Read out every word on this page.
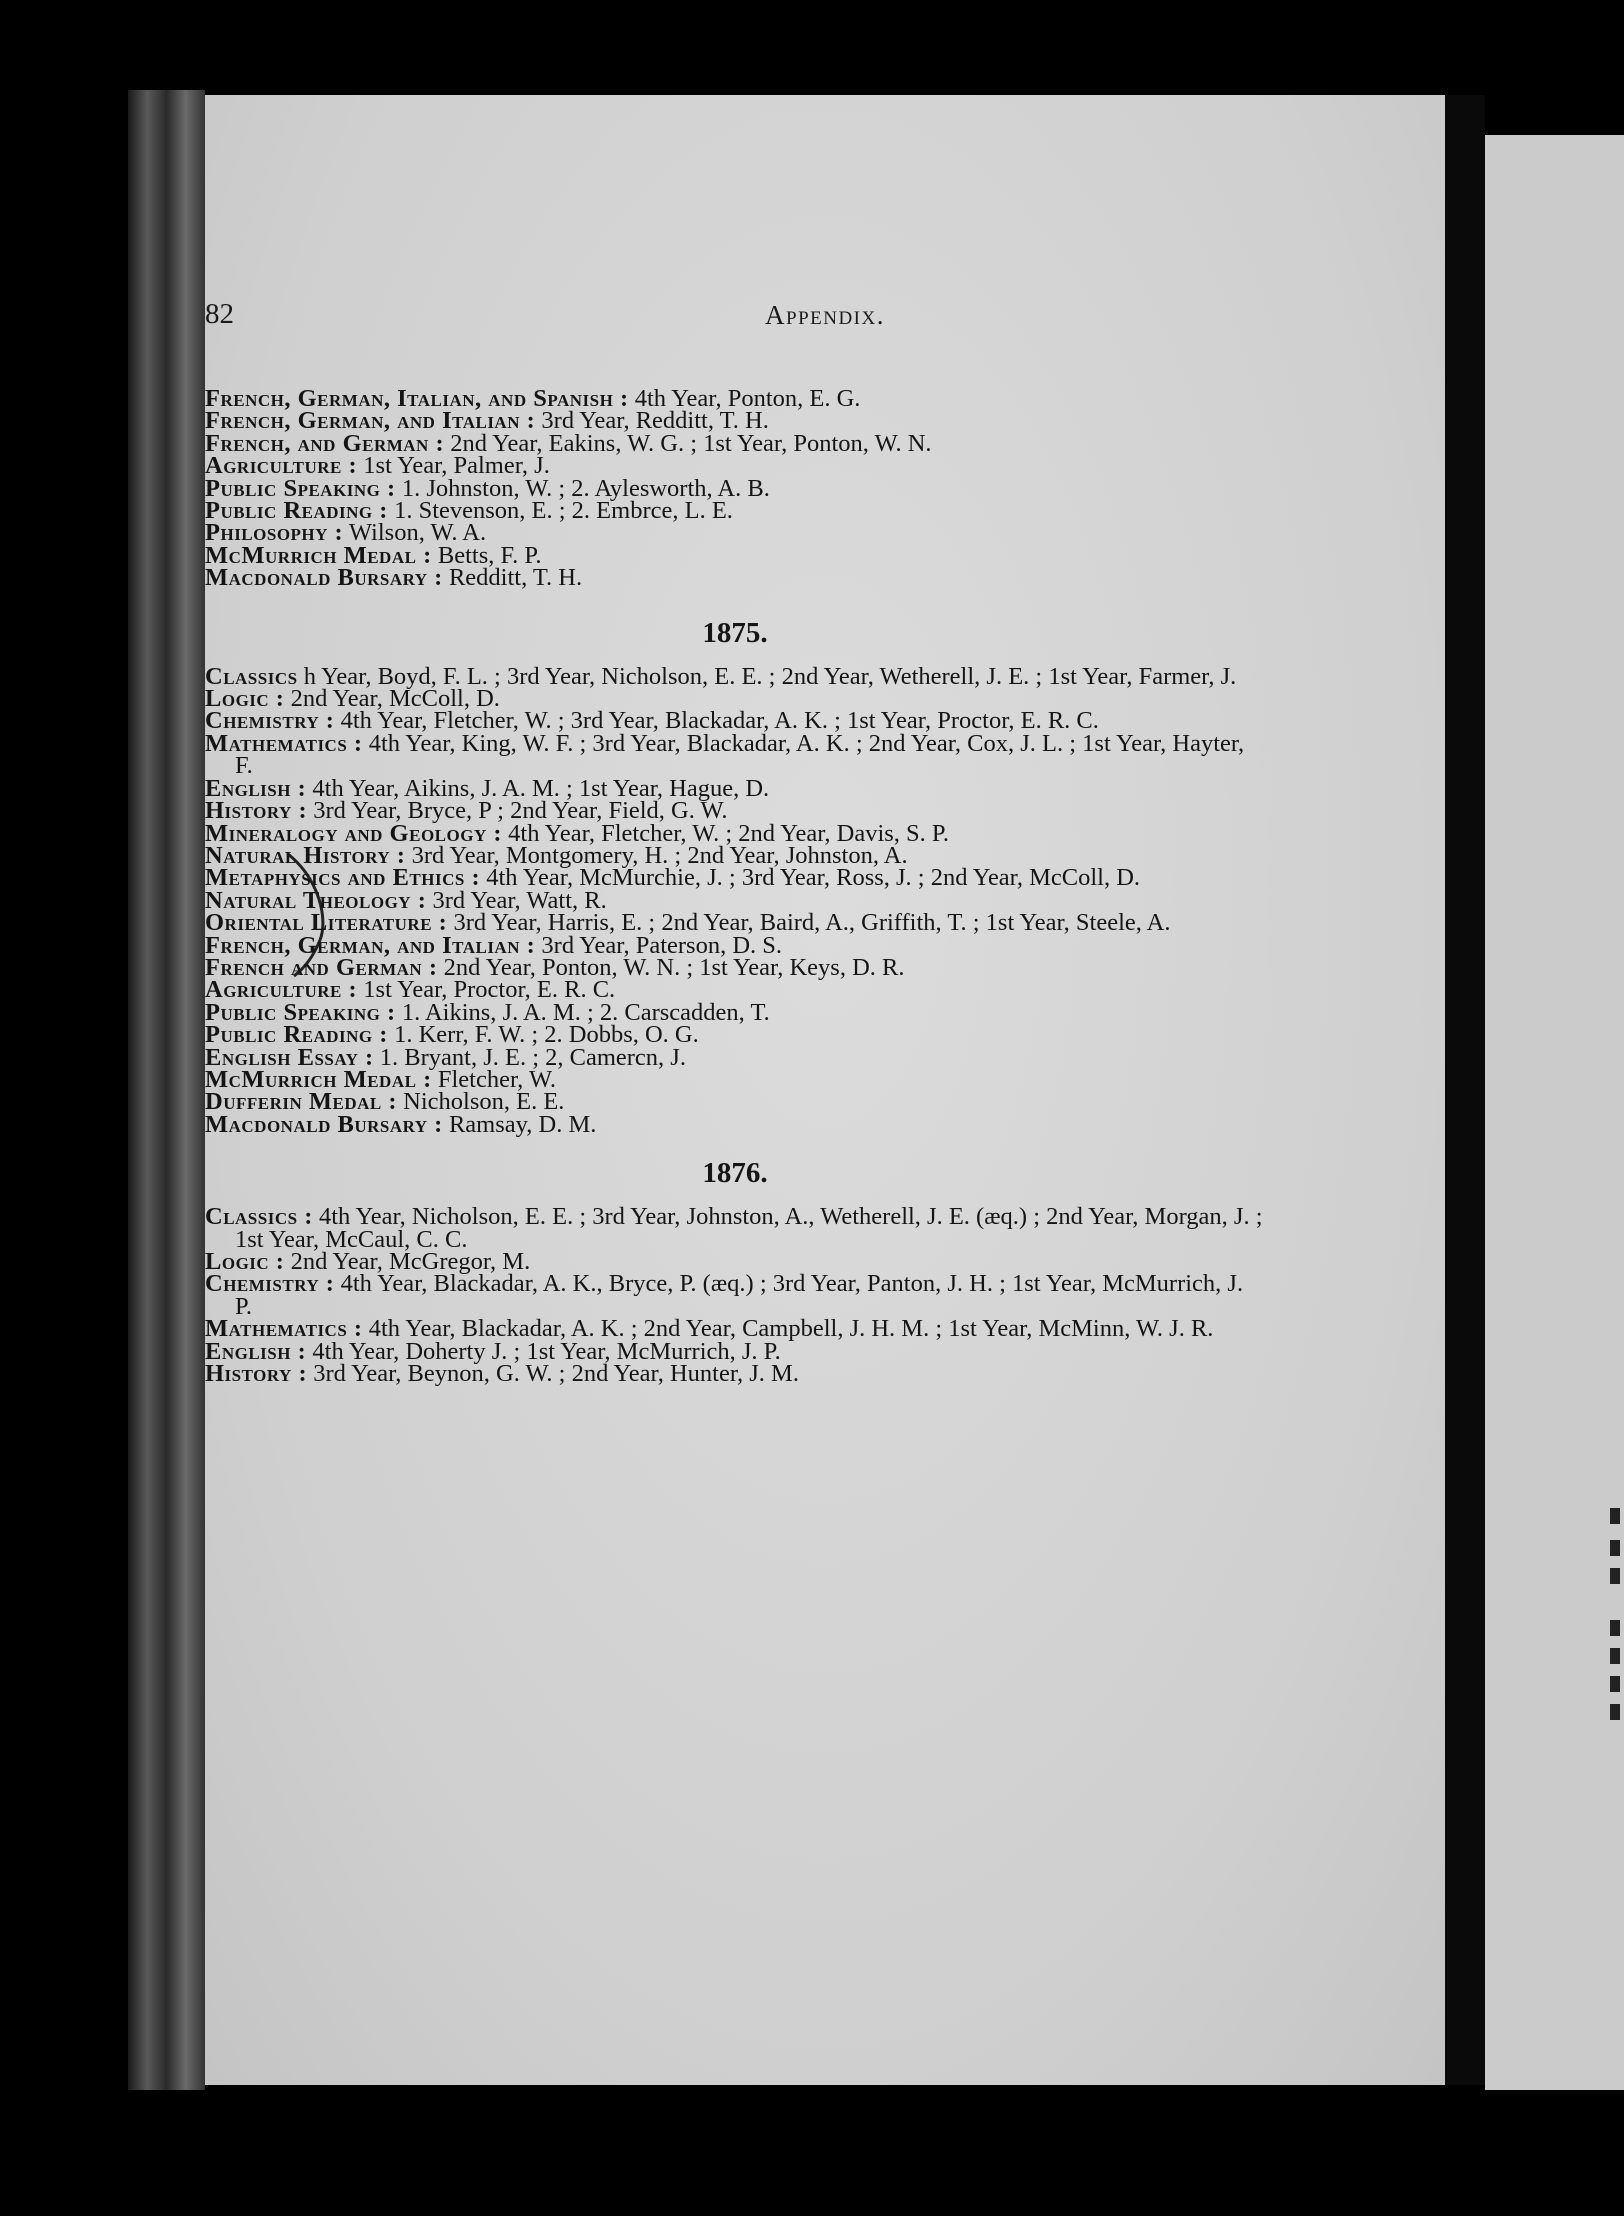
82	Appendix.

French, German, Italian, and Spanish : 4th Year, Ponton, E. G.

French, German, and Italian : 3rd Year, Redditt, T. H.

French, and German : 2nd Year, Eakins, W. G. ; 1st Year, Ponton, W. N.

Agriculture : 1st Year, Palmer, J.

Public Speaking : 1. Johnston, W. ; 2. Aylesworth, A. B.

Public Reading : 1. Stevenson, E. ; 2. Embrce, L. E.

Philosophy : Wilson, W. A.

McMurrich Medal : Betts, F. P.

Macdonald Bursary : Redditt, T. H.

1875.

Classics h Year, Boyd, F. L. ; 3rd Year, Nicholson, E. E. ; 2nd Year, Wetherell, J. E. ; 1st Year, Farmer, J.

Logic : 2nd Year, McColl, D.

Chemistry : 4th Year, Fletcher, W. ; 3rd Year, Blackadar, A. K. ; 1st Year, Proctor, E. R. C.

Mathematics : 4th Year, King, W. F. ; 3rd Year, Blackadar, A. K. ; 2nd Year, Cox, J. L. ; 1st Year, Hayter, F.

English : 4th Year, Aikins, J. A. M. ; 1st Year, Hague, D.

History : 3rd Year, Bryce, P ; 2nd Year, Field, G. W.

Mineralogy and Geology : 4th Year, Fletcher, W. ; 2nd Year, Davis, S. P.

Natural History : 3rd Year, Montgomery, H. ; 2nd Year, Johnston, A.

Metaphysics and Ethics : 4th Year, McMurchie, J. ; 3rd Year, Ross, J. ; 2nd Year, McColl, D.

Natural Theology : 3rd Year, Watt, R.

Oriental Literature : 3rd Year, Harris, E. ; 2nd Year, Baird, A., Griffith, T. ; 1st Year, Steele, A.

French, German, and Italian : 3rd Year, Paterson, D. S.

French and German : 2nd Year, Ponton, W. N. ; 1st Year, Keys, D. R.

Agriculture : 1st Year, Proctor, E. R. C.

Public Speaking : 1. Aikins, J. A. M. ; 2. Carscadden, T.

Public Reading : 1. Kerr, F. W. ; 2. Dobbs, O. G.

English Essay : 1. Bryant, J. E. ; 2, Camercn, J.

McMurrich Medal : Fletcher, W.

Dufferin Medal : Nicholson, E. E.

Macdonald Bursary : Ramsay, D. M.

1876.

Classics : 4th Year, Nicholson, E. E. ; 3rd Year, Johnston, A., Wetherell, J. E. (æq.) ; 2nd Year, Morgan, J. ; 1st Year, McCaul, C. C.

Logic : 2nd Year, McGregor, M.

Chemistry : 4th Year, Blackadar, A. K., Bryce, P. (æq.) ; 3rd Year, Panton, J. H. ; 1st Year, McMurrich, J. P.

Mathematics : 4th Year, Blackadar, A. K. ; 2nd Year, Campbell, J. H. M. ; 1st Year, McMinn, W. J. R.

English : 4th Year, Doherty J. ; 1st Year, McMurrich, J. P.

History : 3rd Year, Beynon, G. W. ; 2nd Year, Hunter, J. M.
